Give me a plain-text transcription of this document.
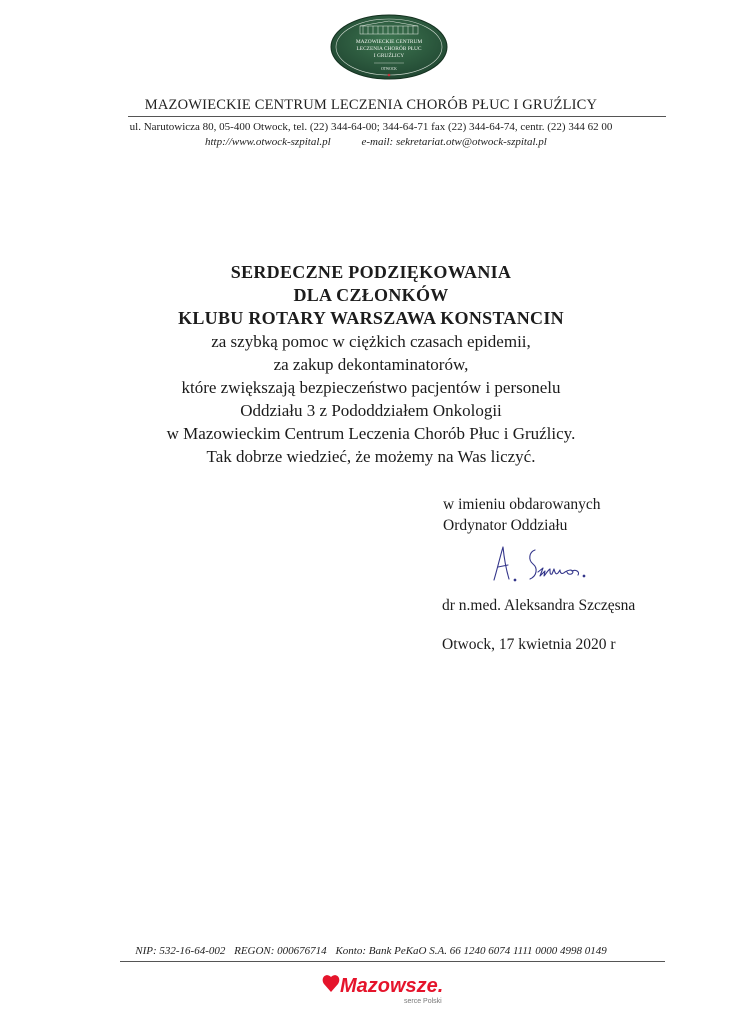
MAZOWIECKIE CENTRUM
LECZENIA CHORÓB PŁUC
I GRUŹLICY
OTWOCK
MAZOWIECKIE CENTRUM LECZENIA CHORÓB PŁUC I GRUŹLICY
ul. Narutowicza 80, 05-400 Otwock, tel. (22) 344-64-00; 344-64-71 fax (22) 344-64-74, centr. (22) 344 62 00
http://www.otwock-szpital.pl	e-mail: sekretariat.otw@otwock-szpital.pl
SERDECZNE PODZIĘKOWANIA
DLA CZŁONKÓW
KLUBU ROTARY WARSZAWA KONSTANCIN
za szybką pomoc w ciężkich czasach epidemii,
za zakup dekontaminatorów,
które zwiększają bezpieczeństwo pacjentów i personelu
Oddziału 3 z Pododdziałem Onkologii
w Mazowieckim Centrum Leczenia Chorób Płuc i Gruźlicy.
Tak dobrze wiedzieć, że możemy na Was liczyć.
w imieniu obdarowanych
Ordynator Oddziału
dr n.med. Aleksandra Szczęsna
Otwock, 17 kwietnia 2020 r
NIP: 532-16-64-002 REGON: 000676714 Konto: Bank PeKaO S.A. 66 1240 6074 1111 0000 4998 0149
Mazowsze.
serce Polski
